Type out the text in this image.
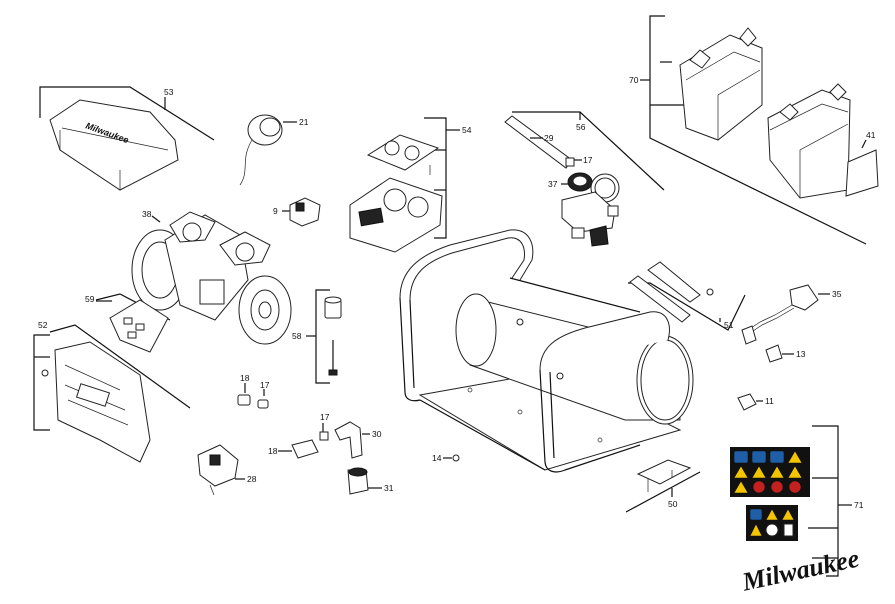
Milwaukee
53
21
54
29
56
17
37
70
41
38	9
59
52
58
18
17
17
30
18
31
28
14
51
35
13
11
50	71
Milwaukee
